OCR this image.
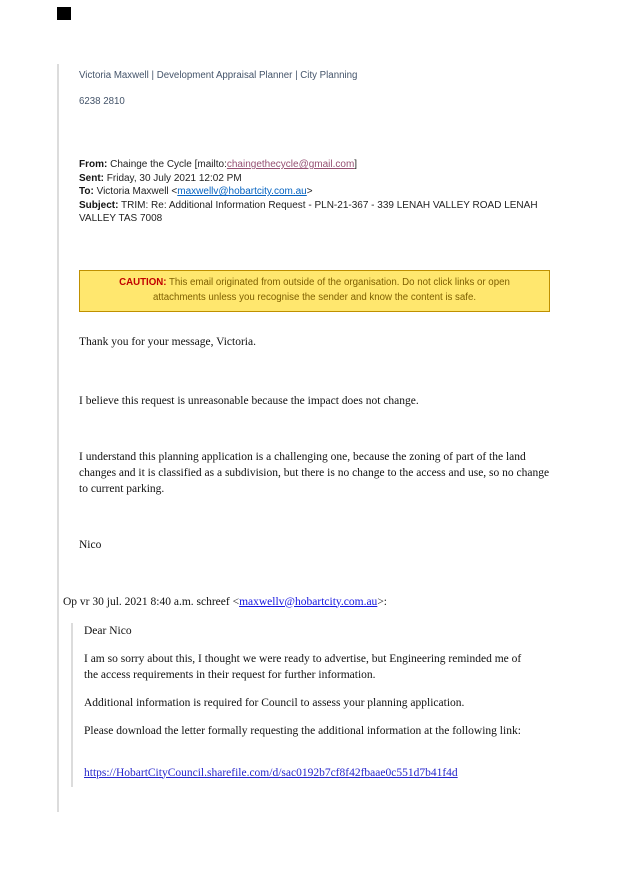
Victoria Maxwell | Development Appraisal Planner | City Planning
6238 2810
From: Chainge the Cycle [mailto:chaingethecycle@gmail.com]
Sent: Friday, 30 July 2021 12:02 PM
To: Victoria Maxwell <maxwellv@hobartcity.com.au>
Subject: TRIM: Re: Additional Information Request - PLN-21-367 - 339 LENAH VALLEY ROAD LENAH VALLEY TAS 7008
CAUTION: This email originated from outside of the organisation. Do not click links or open attachments unless you recognise the sender and know the content is safe.
Thank you for your message, Victoria.
I believe this request is unreasonable because the impact does not change.
I understand this planning application is a challenging one, because the zoning of part of the land changes and it is classified as a subdivision, but there is no change to the access and use, so no change to current parking.
Nico
Op vr 30 jul. 2021 8:40 a.m. schreef <maxwellv@hobartcity.com.au>:
Dear Nico
I am so sorry about this, I thought we were ready to advertise, but Engineering reminded me of the access requirements in their request for further information.
Additional information is required for Council to assess your planning application.
Please download the letter formally requesting the additional information at the following link:
https://HobartCityCouncil.sharefile.com/d/sac0192b7cf8f42fbaae0c551d7b41f4d
